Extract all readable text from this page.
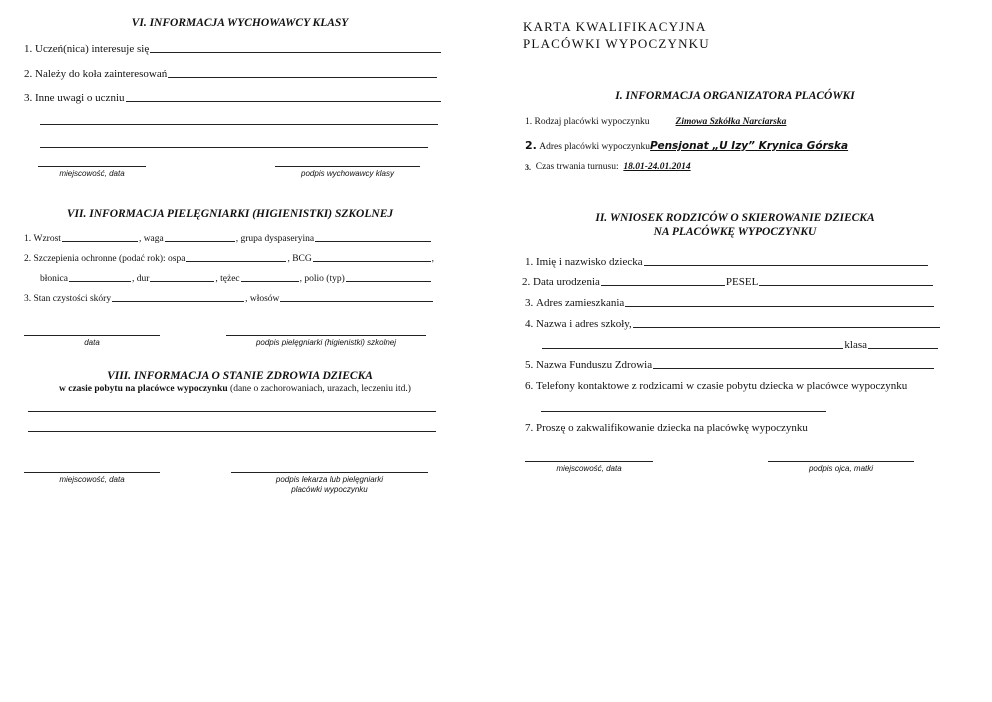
VI. INFORMACJA WYCHOWAWCY KLASY
1.
Uczeń(nica) interesuje się
2.
Należy do koła zainteresowań
3.
Inne uwagi o uczniu
miejscowość, data	podpis wychowawcy klasy
VII. INFORMACJA PIELĘGNIARKI (HIGIENISTKI) SZKOLNEJ
1.
Wzrost	, waga	, grupa dyspaseryina
2.
Szczepienia ochronne (podać rok): ospa	, BCG	,
błonica	, dur	, tężec	, polio (typ)
3.
Stan czystości skóry	, włosów
data	podpis pielęgniarki (higienistki) szkolnej
VIII. INFORMACJA O STANIE ZDROWIA DZIECKA
w czasie pobytu na placówce wypoczynku (dane o zachorowaniach, urazach, leczeniu itd.)
miejscowość, data	podpis lekarza lub pielęgniarki
placówki wypoczynku
KARTA KWALIFIKACYJNA
PLACÓWKI WYPOCZYNKU
I. INFORMACJA ORGANIZATORA PLACÓWKI
1.
Rodzaj placówki wypoczynku	Zimowa Szkółka Narciarska
2.
Adres placówki wypoczynku Pensjonat „U Izy” Krynica Górska
3.
Czas trwania turnusu:
18.01-24.01.2014
II. WNIOSEK RODZICÓW O SKIEROWANIE DZIECKA
NA PLACÓWKĘ WYPOCZYNKU
1.
Imię i nazwisko dziecka
2.
Data urodzenia	PESEL
3.
Adres zamieszkania
4.
Nazwa i adres szkoły,
klasa
5.
Nazwa Funduszu Zdrowia
6.
Telefony kontaktowe z rodzicami w czasie pobytu dziecka w placówce wypoczynku
7.
Proszę o zakwalifikowanie dziecka na placówkę wypoczynku
miejscowość, data	podpis ojca, matki
